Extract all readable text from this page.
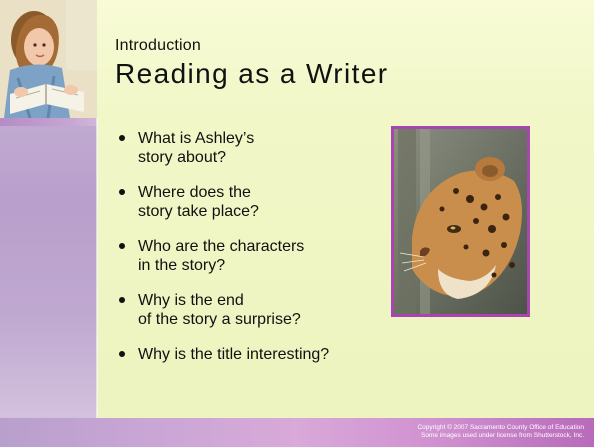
Introduction
Reading as a Writer
What is Ashley’s
story about?
Where does the
story take place?
Who are the characters
in the story?
Why is the end
of the story a surprise?
Why is the title interesting?
Copyright © 2007 Sacramento County Office of Education
Some images used under license from Shutterstock, Inc.
